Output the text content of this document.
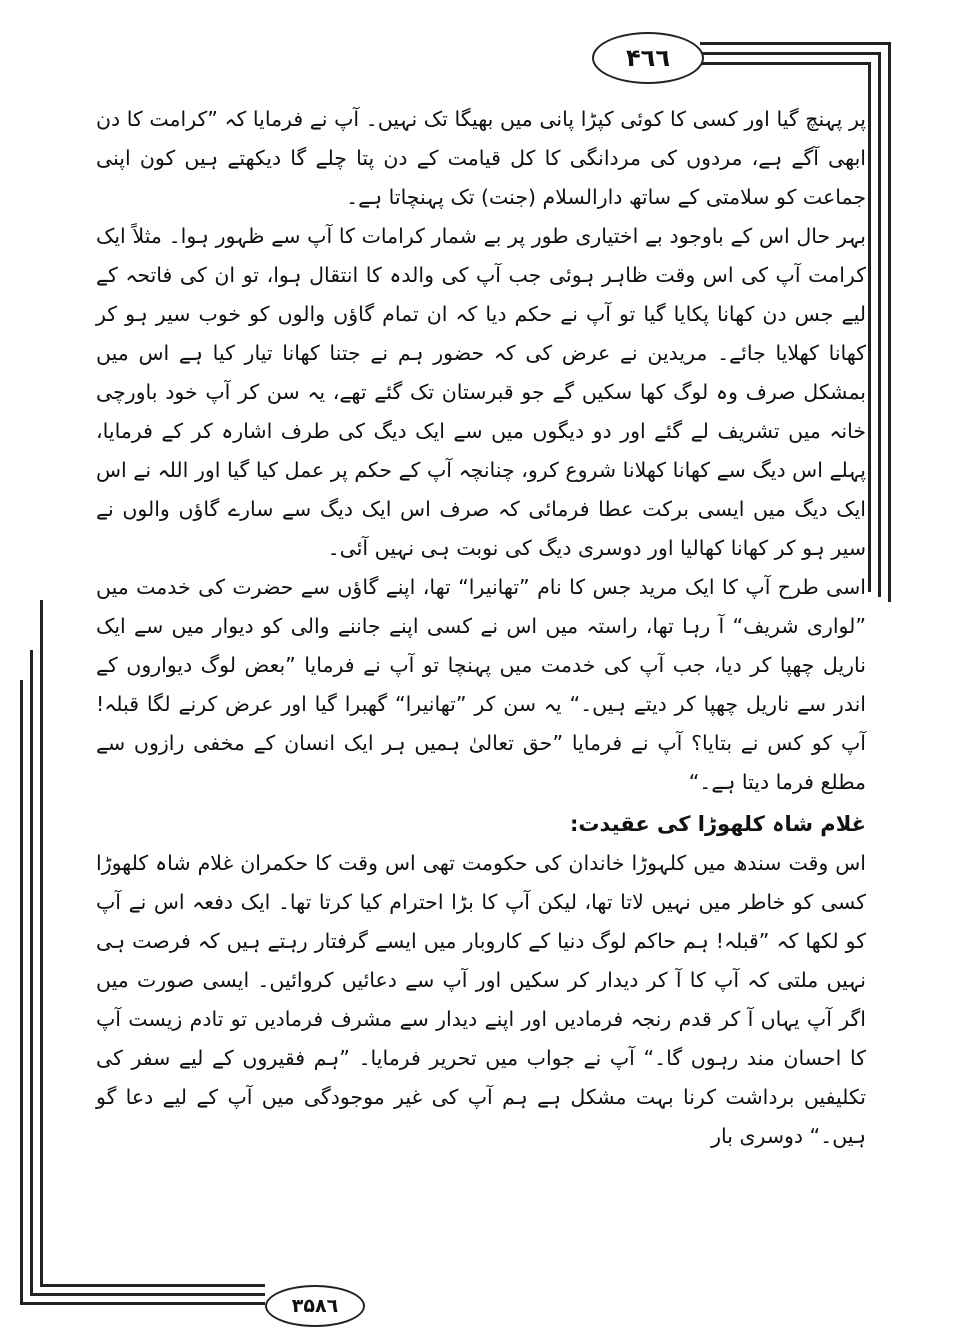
۴٦٦

پر پہنچ گیا اور کسی کا کوئی کپڑا پانی میں بھیگا تک نہیں۔ آپ نے فرمایا کہ ”کرامت کا دن ابھی آگے ہے، مردوں کی مردانگی کا کل قیامت کے دن پتا چلے گا دیکھتے ہیں کون اپنی جماعت کو سلامتی کے ساتھ دارالسلام (جنت) تک پہنچاتا ہے۔

بہر حال اس کے باوجود بے اختیاری طور پر بے شمار کرامات کا آپ سے ظہور ہوا۔ مثلاً ایک کرامت آپ کی اس وقت ظاہر ہوئی جب آپ کی والدہ کا انتقال ہوا، تو ان کی فاتحہ کے لیے جس دن کھانا پکایا گیا تو آپ نے حکم دیا کہ ان تمام گاؤں والوں کو خوب سیر ہو کر کھانا کھلایا جائے۔ مریدین نے عرض کی کہ حضور ہم نے جتنا کھانا تیار کیا ہے اس میں بمشکل صرف وہ لوگ کھا سکیں گے جو قبرستان تک گئے تھے، یہ سن کر آپ خود باورچی خانہ میں تشریف لے گئے اور دو دیگوں میں سے ایک دیگ کی طرف اشارہ کر کے فرمایا، پہلے اس دیگ سے کھانا کھلانا شروع کرو، چنانچہ آپ کے حکم پر عمل کیا گیا اور اللہ نے اس ایک دیگ میں ایسی برکت عطا فرمائی کہ صرف اس ایک دیگ سے سارے گاؤں والوں نے سیر ہو کر کھانا کھالیا اور دوسری دیگ کی نوبت ہی نہیں آئی۔

اسی طرح آپ کا ایک مرید جس کا نام ”تھانیرا“ تھا، اپنے گاؤں سے حضرت کی خدمت میں ”لواری شریف“ آ رہا تھا، راستہ میں اس نے کسی اپنے جاننے والی کو دیوار میں سے ایک ناریل چھپا کر دیا، جب آپ کی خدمت میں پہنچا تو آپ نے فرمایا ”بعض لوگ دیواروں کے اندر سے ناریل چھپا کر دیتے ہیں۔“ یہ سن کر ”تھانیرا“ گھبرا گیا اور عرض کرنے لگا قبلہ! آپ کو کس نے بتایا؟ آپ نے فرمایا ”حق تعالیٰ ہمیں ہر ایک انسان کے مخفی رازوں سے مطلع فرما دیتا ہے۔“

غلام شاہ کلھوڑا کی عقیدت:

اس وقت سندھ میں کلہوڑا خاندان کی حکومت تھی اس وقت کا حکمران غلام شاہ کلھوڑا کسی کو خاطر میں نہیں لاتا تھا، لیکن آپ کا بڑا احترام کیا کرتا تھا۔ ایک دفعہ اس نے آپ کو لکھا کہ ”قبلہ! ہم حاکم لوگ دنیا کے کاروبار میں ایسے گرفتار رہتے ہیں کہ فرصت ہی نہیں ملتی کہ آپ کا آ کر دیدار کر سکیں اور آپ سے دعائیں کروائیں۔ ایسی صورت میں اگر آپ یہاں آ کر قدم رنجہ فرمادیں اور اپنے دیدار سے مشرف فرمادیں تو تادم زیست آپ کا احسان مند رہوں گا۔“ آپ نے جواب میں تحریر فرمایا۔ ”ہم فقیروں کے لیے سفر کی تکلیفیں برداشت کرنا بہت مشکل ہے ہم آپ کی غیر موجودگی میں آپ کے لیے دعا گو ہیں۔“ دوسری بار

۳۵۸٦
